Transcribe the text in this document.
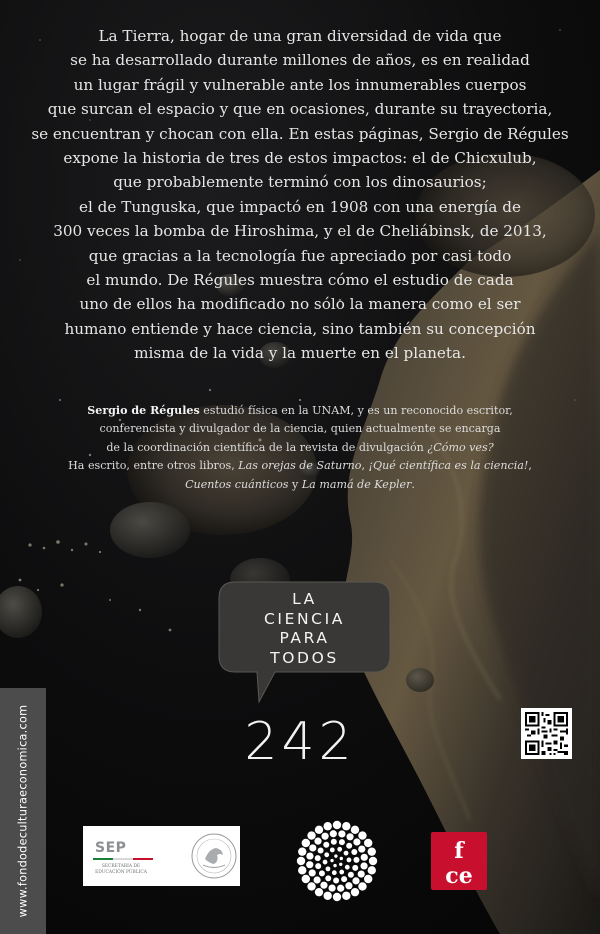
La Tierra, hogar de una gran diversidad de vida que
se ha desarrollado durante millones de años, es en realidad
un lugar frágil y vulnerable ante los innumerables cuerpos
que surcan el espacio y que en ocasiones, durante su trayectoria,
se encuentran y chocan con ella. En estas páginas, Sergio de Régules
expone la historia de tres de estos impactos: el de Chicxulub,
que probablemente terminó con los dinosaurios;
el de Tunguska, que impactó en 1908 con una energía de
300 veces la bomba de Hiroshima, y el de Cheliábinsk, de 2013,
que gracias a la tecnología fue apreciado por casi todo
el mundo. De Régules muestra cómo el estudio de cada
uno de ellos ha modificado no sólo la manera como el ser
humano entiende y hace ciencia, sino también su concepción
misma de la vida y la muerte en el planeta.

Sergio de Régules estudió física en la UNAM, y es un reconocido escritor,
conferencista y divulgador de la ciencia, quien actualmente se encarga
de la coordinación científica de la revista de divulgación ¿Cómo ves?
Ha escrito, entre otros libros, Las orejas de Saturno, ¡Qué científica es la ciencia!,
Cuentos cuánticos y La mamá de Kepler.

LA
CIENCIA
PARA
TODOS
242
www.fondodeculturaeconomica.com	SEP
SECRETARÍA DE
EDUCACIÓN PÚBLICA
f
ce
